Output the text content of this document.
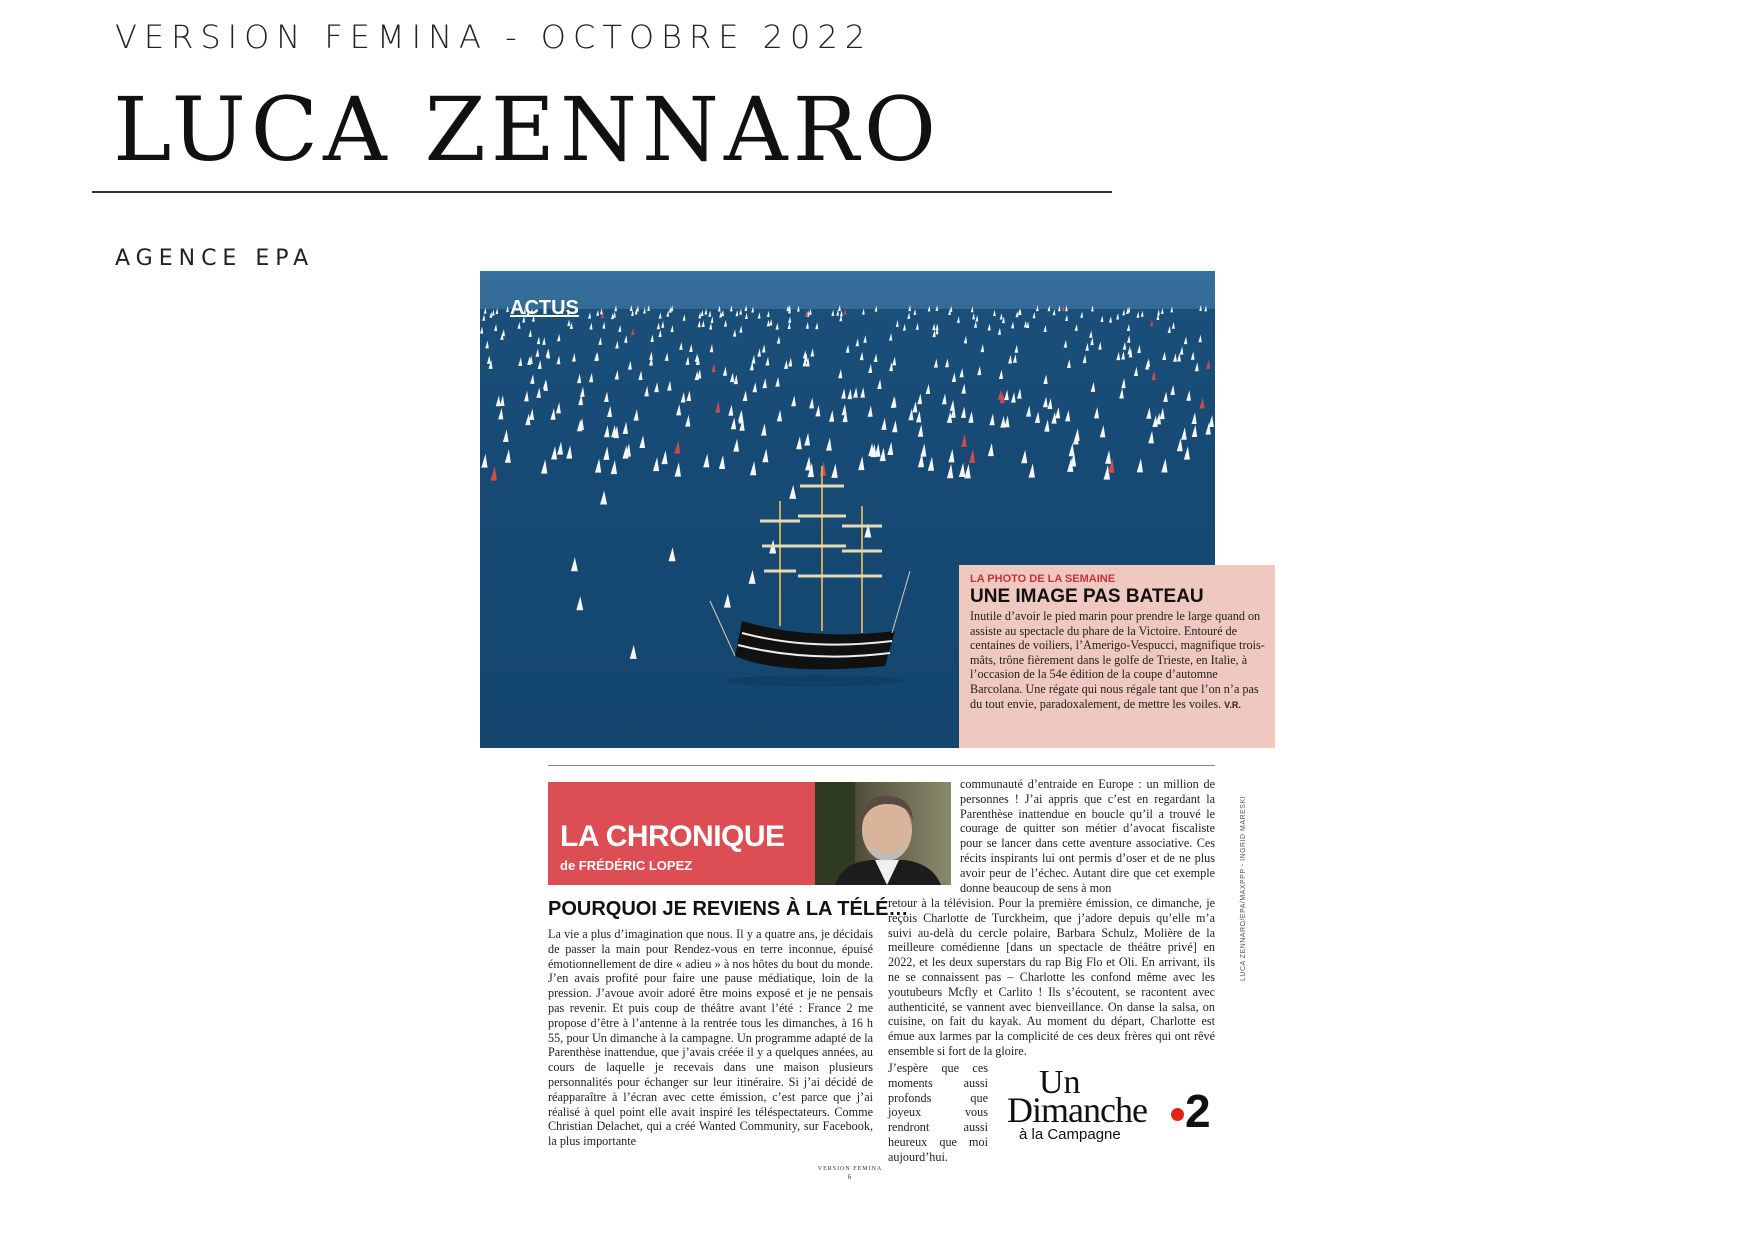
VERSION FEMINA - OCTOBRE 2022
LUCA ZENNARO
AGENCE EPA
ACTUS
LA PHOTO DE LA SEMAINE
UNE IMAGE PAS BATEAU
Inutile d’avoir le pied marin pour prendre le large quand on assiste au spectacle du phare de la Victoire. Entouré de centaines de voiliers, l’Amerigo-Vespucci, magnifique trois-mâts, trône fièrement dans le golfe de Trieste, en Italie, à l’occasion de la 54e édition de la coupe d’automne Barcolana. Une régate qui nous régale tant que l’on n’a pas du tout envie, paradoxalement, de mettre les voiles. V.R.
LA CHRONIQUE
de FRÉDÉRIC LOPEZ
POURQUOI JE REVIENS À LA TÉLÉ…
La vie a plus d’imagination que nous. Il y a quatre ans, je décidais de passer la main pour Rendez-vous en terre inconnue, épuisé émotionnellement de dire « adieu » à nos hôtes du bout du monde. J’en avais profité pour faire une pause médiatique, loin de la pression. J’avoue avoir adoré être moins exposé et je ne pensais pas revenir. Et puis coup de théâtre avant l’été : France 2 me propose d’être à l’antenne à la rentrée tous les dimanches, à 16 h 55, pour Un dimanche à la campagne. Un programme adapté de la Parenthèse inattendue, que j’avais créée il y a quelques années, au cours de laquelle je recevais dans une maison plusieurs personnalités pour échanger sur leur itinéraire. Si j’ai décidé de réapparaître à l’écran avec cette émission, c’est parce que j’ai réalisé à quel point elle avait inspiré les téléspectateurs. Comme Christian Delachet, qui a créé Wanted Community, sur Facebook, la plus importante
communauté d’entraide en Europe : un million de personnes ! J’ai appris que c’est en regardant la Parenthèse inattendue en boucle qu’il a trouvé le courage de quitter son métier d’avocat fiscaliste pour se lancer dans cette aventure associative. Ces récits inspirants lui ont permis d’oser et de ne plus avoir peur de l’échec. Autant dire que cet exemple donne beaucoup de sens à mon
retour à la télévision. Pour la première émission, ce dimanche, je reçois Charlotte de Turckheim, que j’adore depuis qu’elle m’a suivi au-delà du cercle polaire, Barbara Schulz, Molière de la meilleure comédienne [dans un spectacle de théâtre privé] en 2022, et les deux superstars du rap Big Flo et Oli. En arrivant, ils ne se connaissent pas – Charlotte les confond même avec les youtubeurs Mcfly et Carlito ! Ils s’écoutent, se racontent avec authenticité, se vannent avec bienveillance. On danse la salsa, on cuisine, on fait du kayak. Au moment du départ, Charlotte est émue aux larmes par la complicité de ces deux frères qui ont rêvé ensemble si fort de la gloire.
J’espère que ces moments aussi profonds que joyeux vous rendront aussi heureux que moi aujourd’hui.
Un
Dimanche
à la Campagne 2
LUCA ZENNARO/EPA/MAXPPP - INGRID MARESKI
VERSION FEMINA
6
